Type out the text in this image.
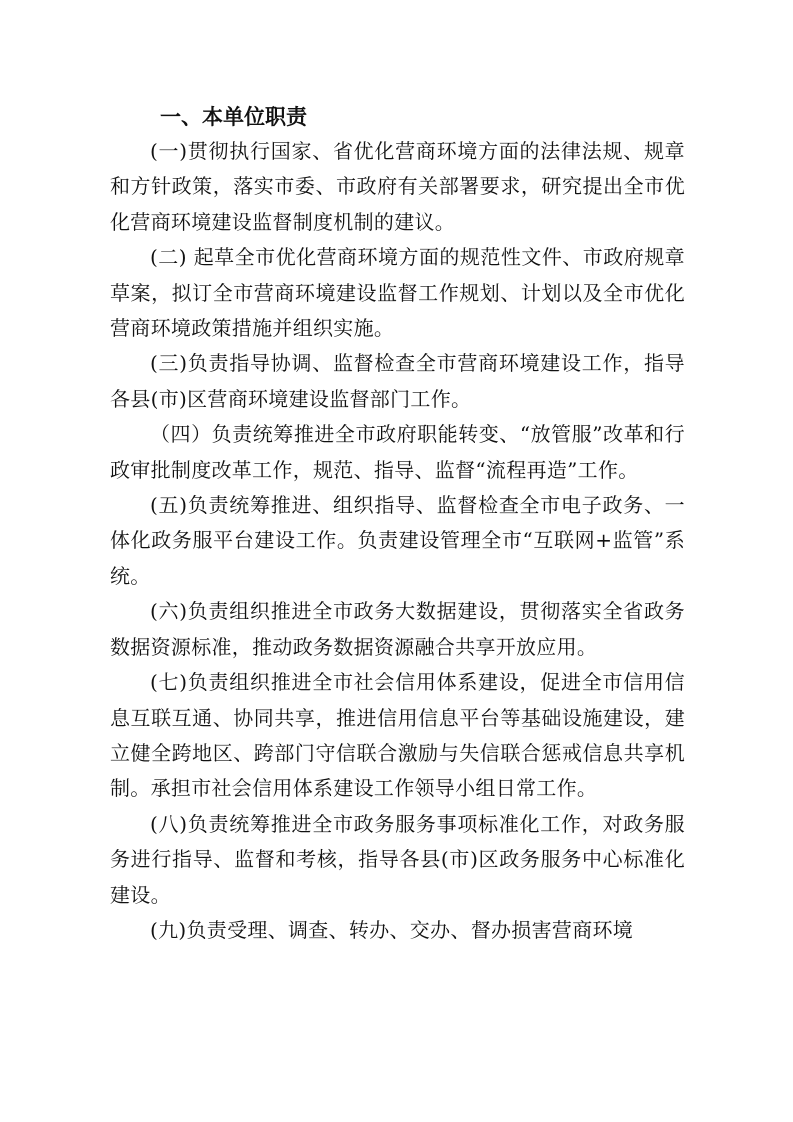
一、本单位职责

(一)贯彻执行国家、省优化营商环境方面的法律法规、规章和方针政策，落实市委、市政府有关部署要求，研究提出全市优化营商环境建设监督制度机制的建议。

(二) 起草全市优化营商环境方面的规范性文件、市政府规章草案，拟订全市营商环境建设监督工作规划、计划以及全市优化营商环境政策措施并组织实施。

(三)负责指导协调、监督检查全市营商环境建设工作，指导各县(市)区营商环境建设监督部门工作。

（四）负责统筹推进全市政府职能转变、“放管服”改革和行政审批制度改革工作，规范、指导、监督“流程再造”工作。

(五)负责统筹推进、组织指导、监督检查全市电子政务、一体化政务服平台建设工作。负责建设管理全市“互联网+监管”系统。

(六)负责组织推进全市政务大数据建设，贯彻落实全省政务数据资源标准，推动政务数据资源融合共享开放应用。

(七)负责组织推进全市社会信用体系建设，促进全市信用信息互联互通、协同共享，推进信用信息平台等基础设施建设，建立健全跨地区、跨部门守信联合激励与失信联合惩戒信息共享机制。承担市社会信用体系建设工作领导小组日常工作。

(八)负责统筹推进全市政务服务事项标准化工作，对政务服务进行指导、监督和考核，指导各县(市)区政务服务中心标准化建设。

(九)负责受理、调查、转办、交办、督办损害营商环境
